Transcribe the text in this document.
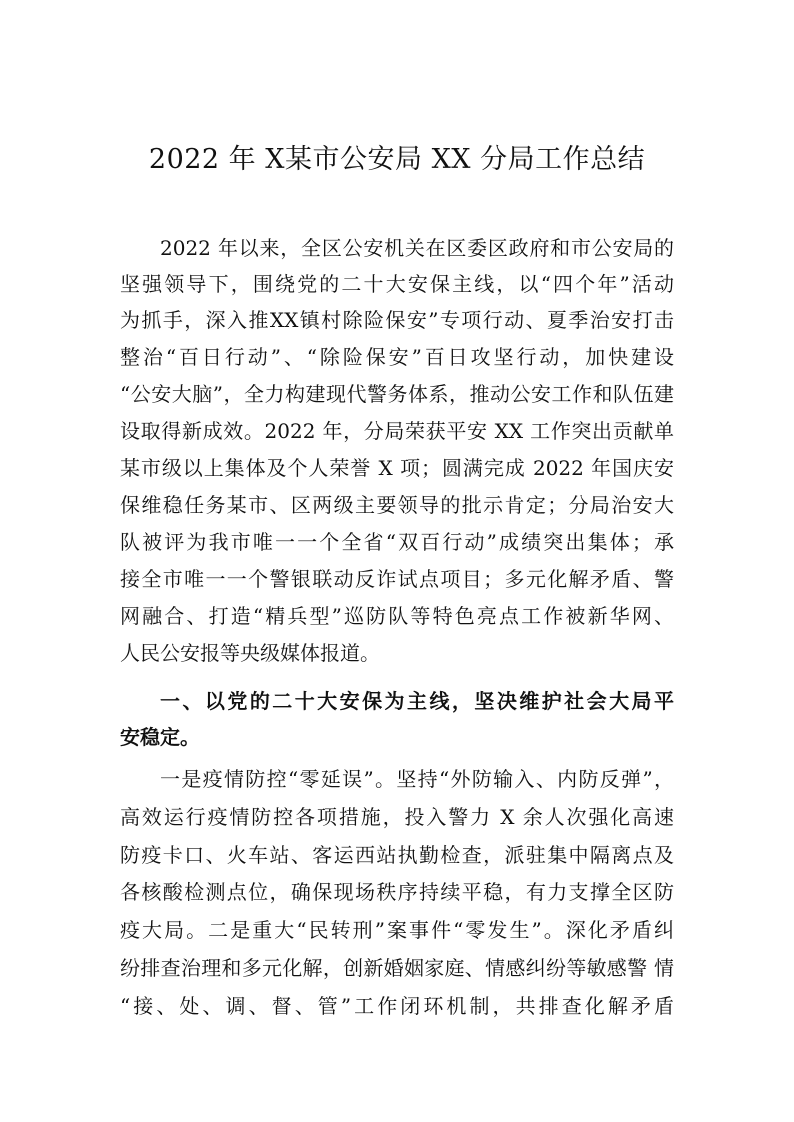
2022 年 X某市公安局 XX 分局工作总结
2022 年以来，全区公安机关在区委区政府和市公安局的
坚强领导下，围绕党的二十大安保主线，以“四个年”活动
为抓手，深入推XX镇村除险保安”专项行动、夏季治安打击
整治“百日行动”、“除险保安”百日攻坚行动，加快建设
“公安大脑”，全力构建现代警务体系，推动公安工作和队伍建
设取得新成效。2022 年，分局荣获平安 XX 工作突出贡献单
某市级以上集体及个人荣誉 X 项；圆满完成 2022 年国庆安
保维稳任务某市、区两级主要领导的批示肯定；分局治安大
队被评为我市唯一一个全省“双百行动”成绩突出集体；承
接全市唯一一个警银联动反诈试点项目；多元化解矛盾、警
网融合、打造“精兵型”巡防队等特色亮点工作被新华网、
人民公安报等央级媒体报道。
一、以党的二十大安保为主线，坚决维护社会大局平
安稳定。
一是疫情防控“零延误”。坚持“外防输入、内防反弹”，
高效运行疫情防控各项措施，投入警力 X 余人次强化高速
防疫卡口、火车站、客运西站执勤检查，派驻集中隔离点及
各核酸检测点位，确保现场秩序持续平稳，有力支撑全区防
疫大局。二是重大“民转刑”案事件“零发生”。深化矛盾纠
纷排查治理和多元化解，创新婚姻家庭、情感纠纷等敏感警 情
“接、处、调、督、管”工作闭环机制，共排查化解矛盾
